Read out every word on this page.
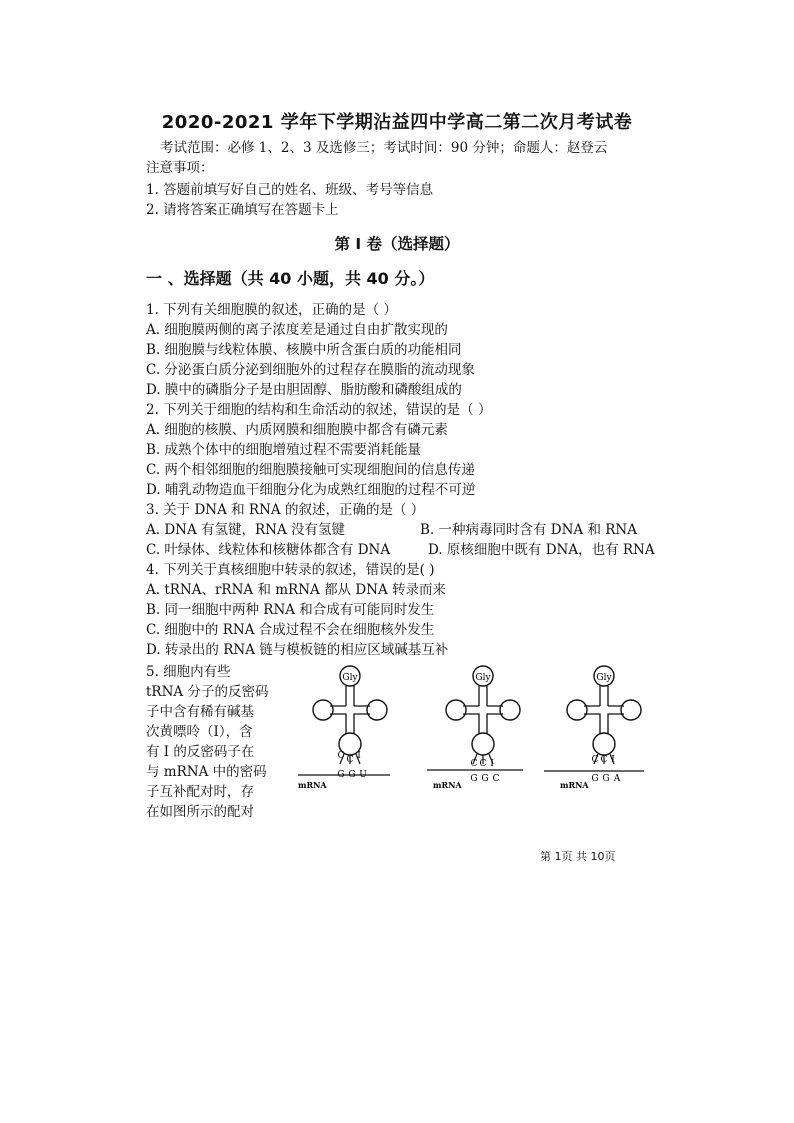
2020-2021 学年下学期沾益四中学高二第二次月考试卷
考试范围：必修 1、2、3 及选修三；考试时间：90 分钟；命题人：赵登云
注意事项：
1. 答题前填写好自己的姓名、班级、考号等信息
2. 请将答案正确填写在答题卡上
第 I 卷（选择题）
一 、选择题（共 40 小题，共 40 分。）
1. 下列有关细胞膜的叙述，正确的是（ ）
A. 细胞膜两侧的离子浓度差是通过自由扩散实现的
B. 细胞膜与线粒体膜、核膜中所含蛋白质的功能相同
C. 分泌蛋白质分泌到细胞外的过程存在膜脂的流动现象
D. 膜中的磷脂分子是由胆固醇、脂肪酸和磷酸组成的
2. 下列关于细胞的结构和生命活动的叙述，错误的是（ ）
A. 细胞的核膜、内质网膜和细胞膜中都含有磷元素
B. 成熟个体中的细胞增殖过程不需要消耗能量
C. 两个相邻细胞的细胞膜接触可实现细胞间的信息传递
D. 哺乳动物造血干细胞分化为成熟红细胞的过程不可逆
3. 关于 DNA 和 RNA 的叙述，正确的是（ ）
A. DNA 有氢键，RNA 没有氢键	B. 一种病毒同时含有 DNA 和 RNA
C. 叶绿体、线粒体和核糖体都含有 DNA	D. 原核细胞中既有 DNA，也有 RNA
4. 下列关于真核细胞中转录的叙述，错误的是( )
A. tRNA、rRNA 和 mRNA 都从 DNA 转录而来
B. 同一细胞中两种 RNA 和合成有可能同时发生
C. 细胞中的 RNA 合成过程不会在细胞核外发生
D. 转录出的 RNA 链与模板链的相应区域碱基互补
5. 细胞内有些
tRNA 分子的反密码
子中含有稀有碱基
次黄嘌呤（I），含
有 I 的反密码子在
与 mRNA 中的密码
子互补配对时，存
在如图所示的配对
Gly
C C I
G G U
mRNA
Gly
C C I
G G C
mRNA
Gly
C C I
G G A
mRNA
第 1页 共 10页
